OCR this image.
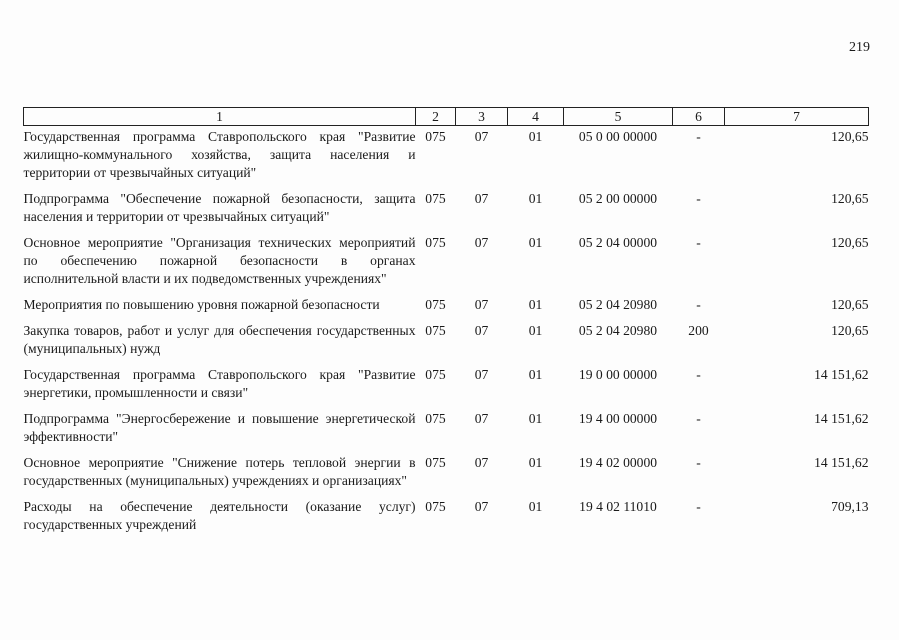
219
1	2	3	4	5	6	7
Государственная программа Ставропольского края "Развитие жилищно-коммунального хозяйства, защита населения и территории от чрезвычайных ситуаций"	075	07	01	05 0 00 00000	-	120,65
Подпрограмма "Обеспечение пожарной безопасности, защита населения и территории от чрезвычайных ситуаций"	075	07	01	05 2 00 00000	-	120,65
Основное мероприятие "Организация технических мероприятий по обеспечению пожарной безопасности в органах исполнительной власти и их подведомственных учреждениях"	075	07	01	05 2 04 00000	-	120,65
Мероприятия по повышению уровня пожарной безопасности	075	07	01	05 2 04 20980	-	120,65
Закупка товаров, работ и услуг для обеспечения государственных (муниципальных) нужд	075	07	01	05 2 04 20980	200	120,65
Государственная программа Ставропольского края "Развитие энергетики, промышленности и связи"	075	07	01	19 0 00 00000	-	14 151,62
Подпрограмма "Энергосбережение и повышение энергетической эффективности"	075	07	01	19 4 00 00000	-	14 151,62
Основное мероприятие "Снижение потерь тепловой энергии в государственных (муниципальных) учреждениях и организациях"	075	07	01	19 4 02 00000	-	14 151,62
Расходы на обеспечение деятельности (оказание услуг) государственных учреждений	075	07	01	19 4 02 11010	-	709,13
